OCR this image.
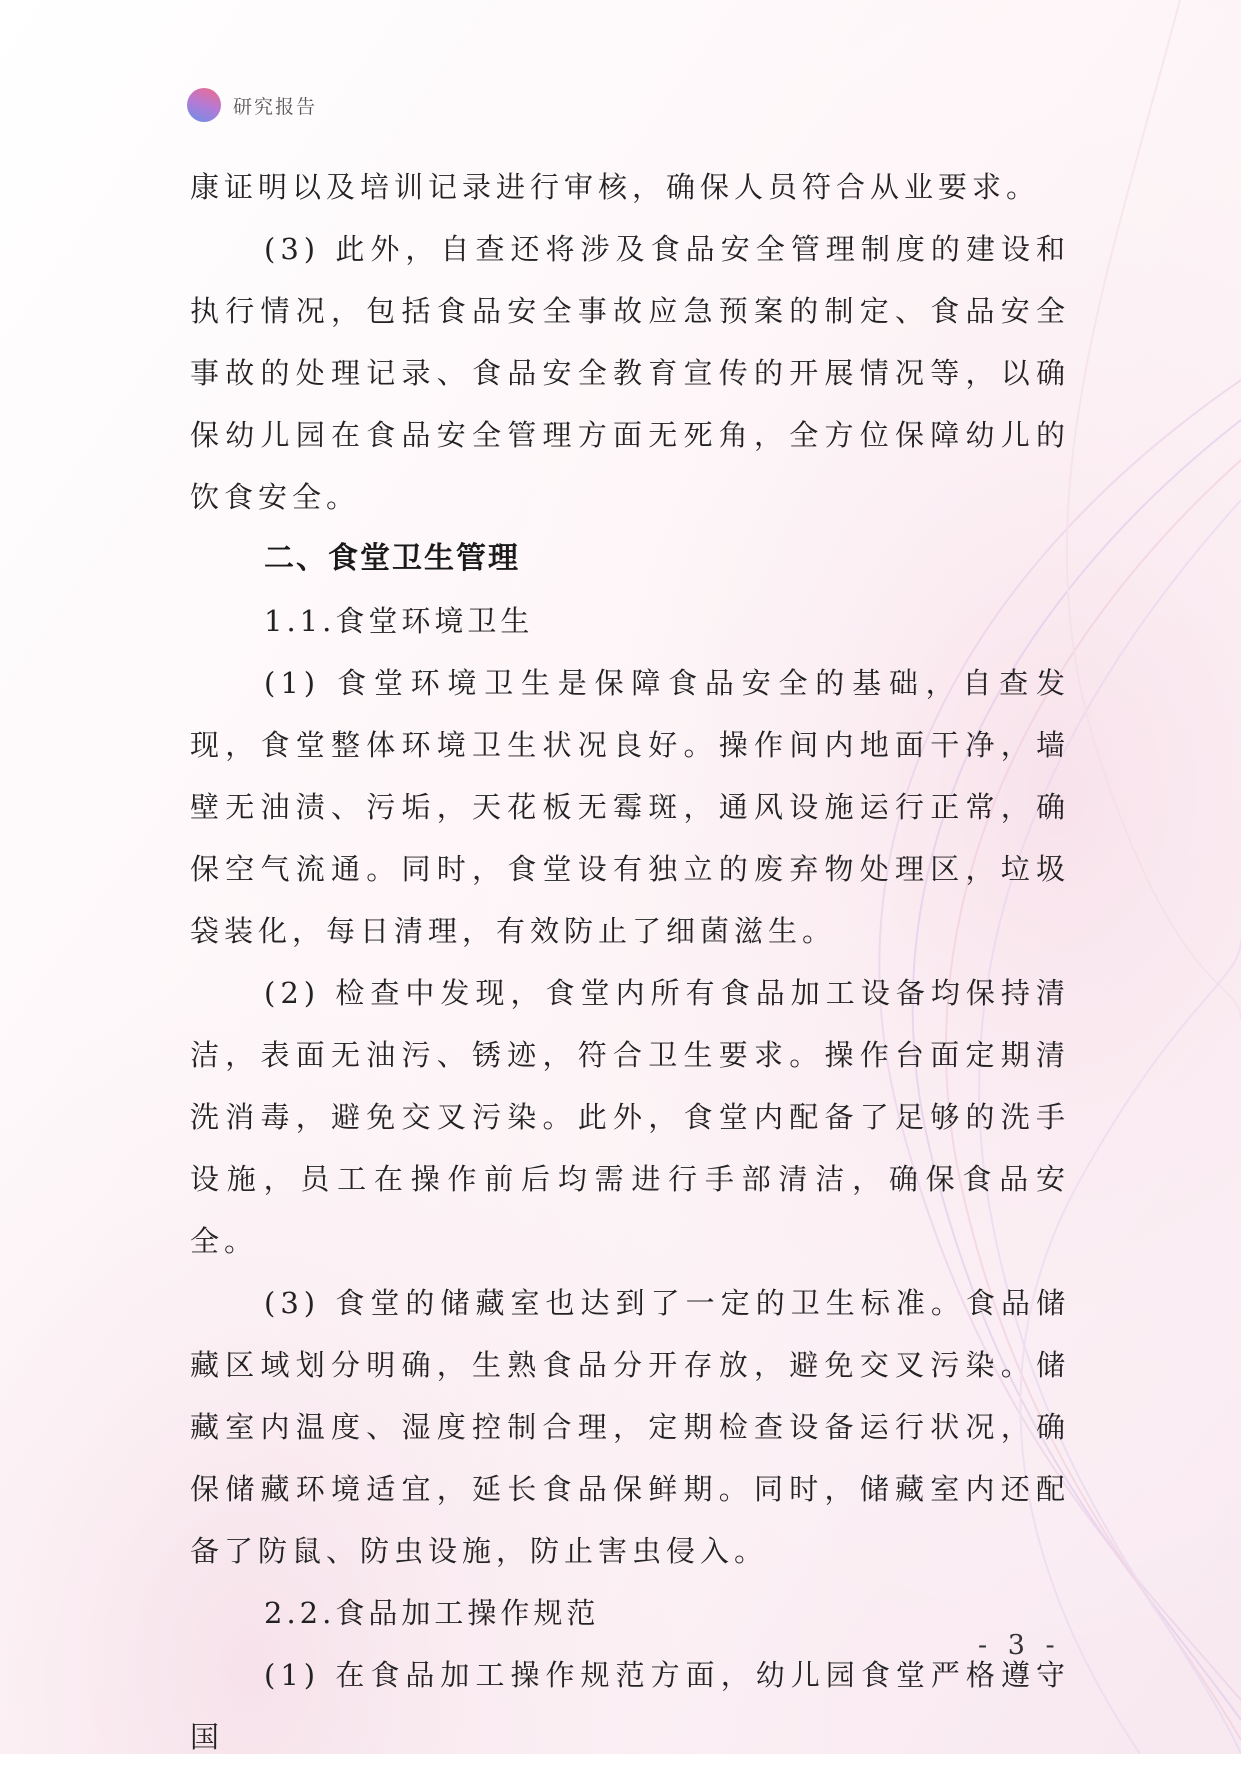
研究报告

康证明以及培训记录进行审核，确保人员符合从业要求。

(3) 此外，自查还将涉及食品安全管理制度的建设和执行情况，包括食品安全事故应急预案的制定、食品安全事故的处理记录、食品安全教育宣传的开展情况等，以确保幼儿园在食品安全管理方面无死角，全方位保障幼儿的饮食安全。

二、食堂卫生管理

1.1.食堂环境卫生

(1) 食堂环境卫生是保障食品安全的基础，自查发现，食堂整体环境卫生状况良好。操作间内地面干净，墙壁无油渍、污垢，天花板无霉斑，通风设施运行正常，确保空气流通。同时，食堂设有独立的废弃物处理区，垃圾袋装化，每日清理，有效防止了细菌滋生。

(2) 检查中发现，食堂内所有食品加工设备均保持清洁，表面无油污、锈迹，符合卫生要求。操作台面定期清洗消毒，避免交叉污染。此外，食堂内配备了足够的洗手设施，员工在操作前后均需进行手部清洁，确保食品安全。

(3) 食堂的储藏室也达到了一定的卫生标准。食品储藏区域划分明确，生熟食品分开存放，避免交叉污染。储藏室内温度、湿度控制合理，定期检查设备运行状况，确保储藏环境适宜，延长食品保鲜期。同时，储藏室内还配备了防鼠、防虫设施，防止害虫侵入。

2.2.食品加工操作规范

(1) 在食品加工操作规范方面，幼儿园食堂严格遵守国

- 3 -
